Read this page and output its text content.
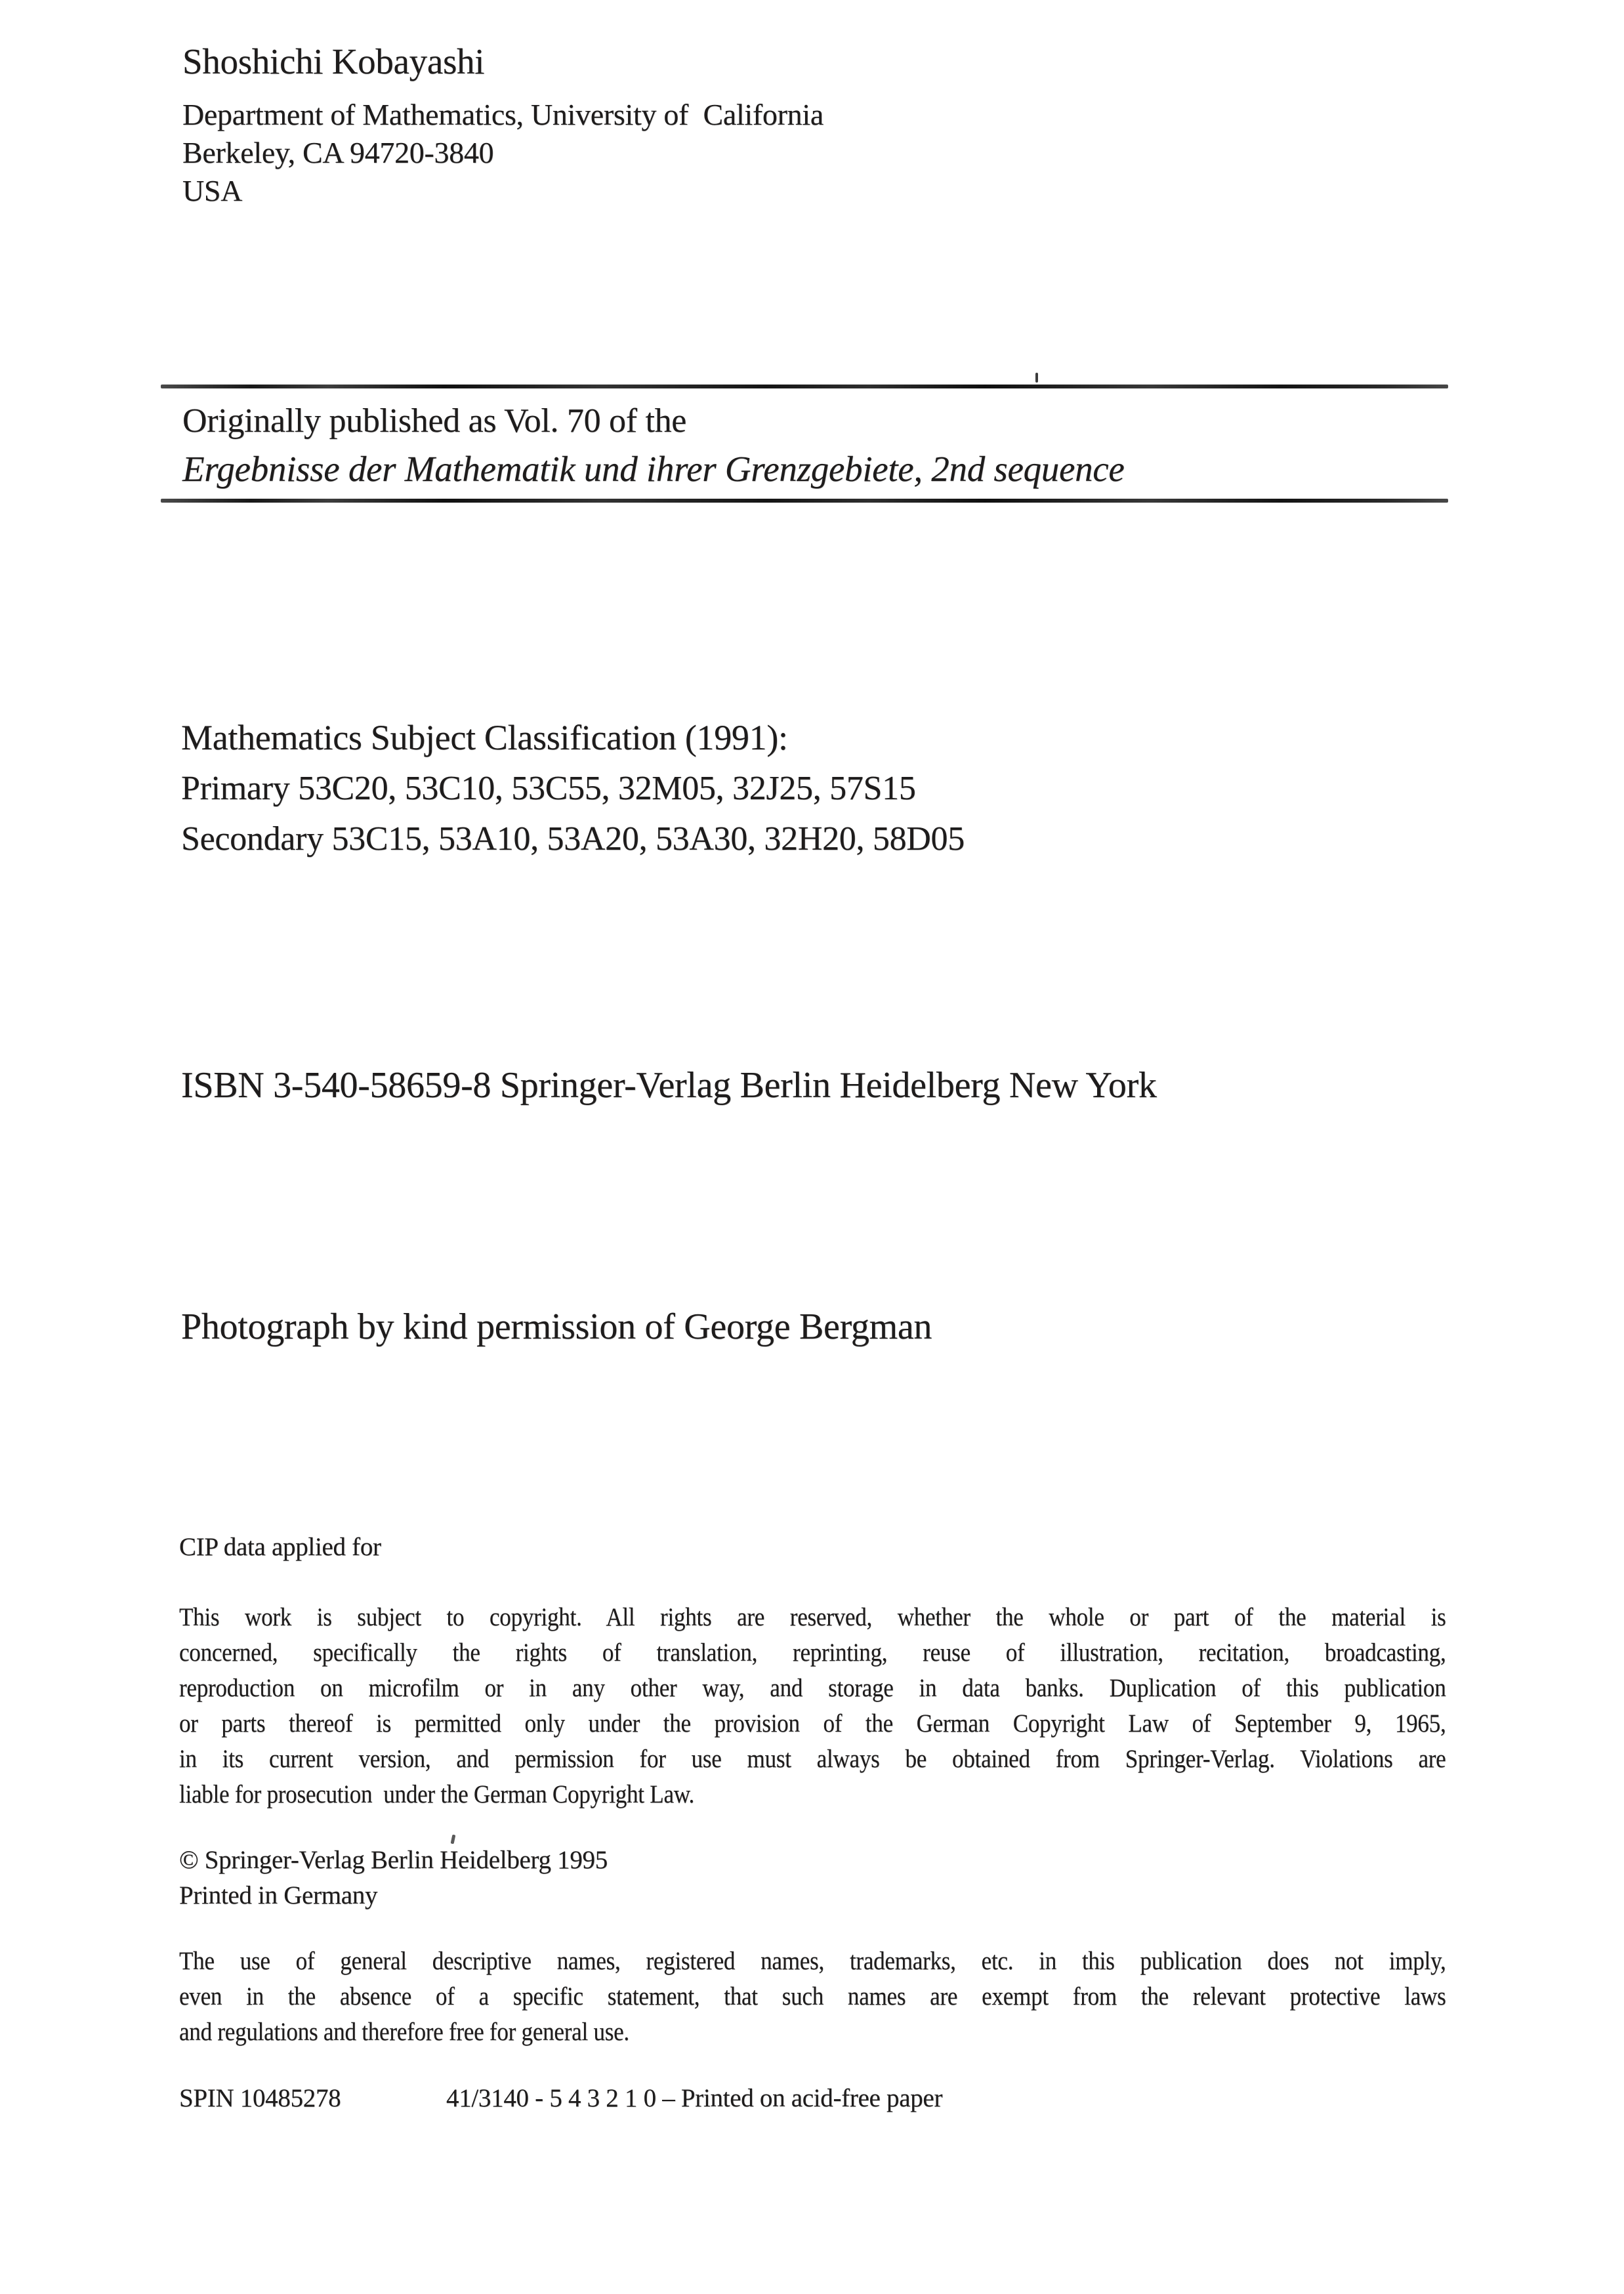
Shoshichi Kobayashi
Department of Mathematics, University of  California
Berkeley, CA 94720-3840
USA
Originally published as Vol. 70 of the
Ergebnisse der Mathematik und ihrer Grenzgebiete, 2nd sequence
Mathematics Subject Classification (1991):
Primary 53C20, 53C10, 53C55, 32M05, 32J25, 57S15
Secondary 53C15, 53A10, 53A20, 53A30, 32H20, 58D05
ISBN 3-540-58659-8 Springer-Verlag Berlin Heidelberg New York
Photograph by kind permission of George Bergman
CIP data applied for
This work is subject to copyright. All rights are reserved, whether the whole or part of the material is
concerned, specifically the rights of translation, reprinting, reuse of illustration, recitation, broadcasting,
reproduction on microfilm or in any other way, and storage in data banks. Duplication of this publication
or parts thereof is permitted only under the provision of the German Copyright Law of September 9, 1965,
in its current version, and permission for use must always be obtained from Springer-Verlag. Violations are
liable for prosecution  under the German Copyright Law.
© Springer-Verlag Berlin Heidelberg 1995
Printed in Germany
The use of general descriptive names, registered names, trademarks, etc. in this publication does not imply,
even in the absence of a specific statement, that such names are exempt from the relevant protective laws
and regulations and therefore free for general use.
SPIN 10485278	41/3140 - 5 4 3 2 1 0 – Printed on acid-free paper
